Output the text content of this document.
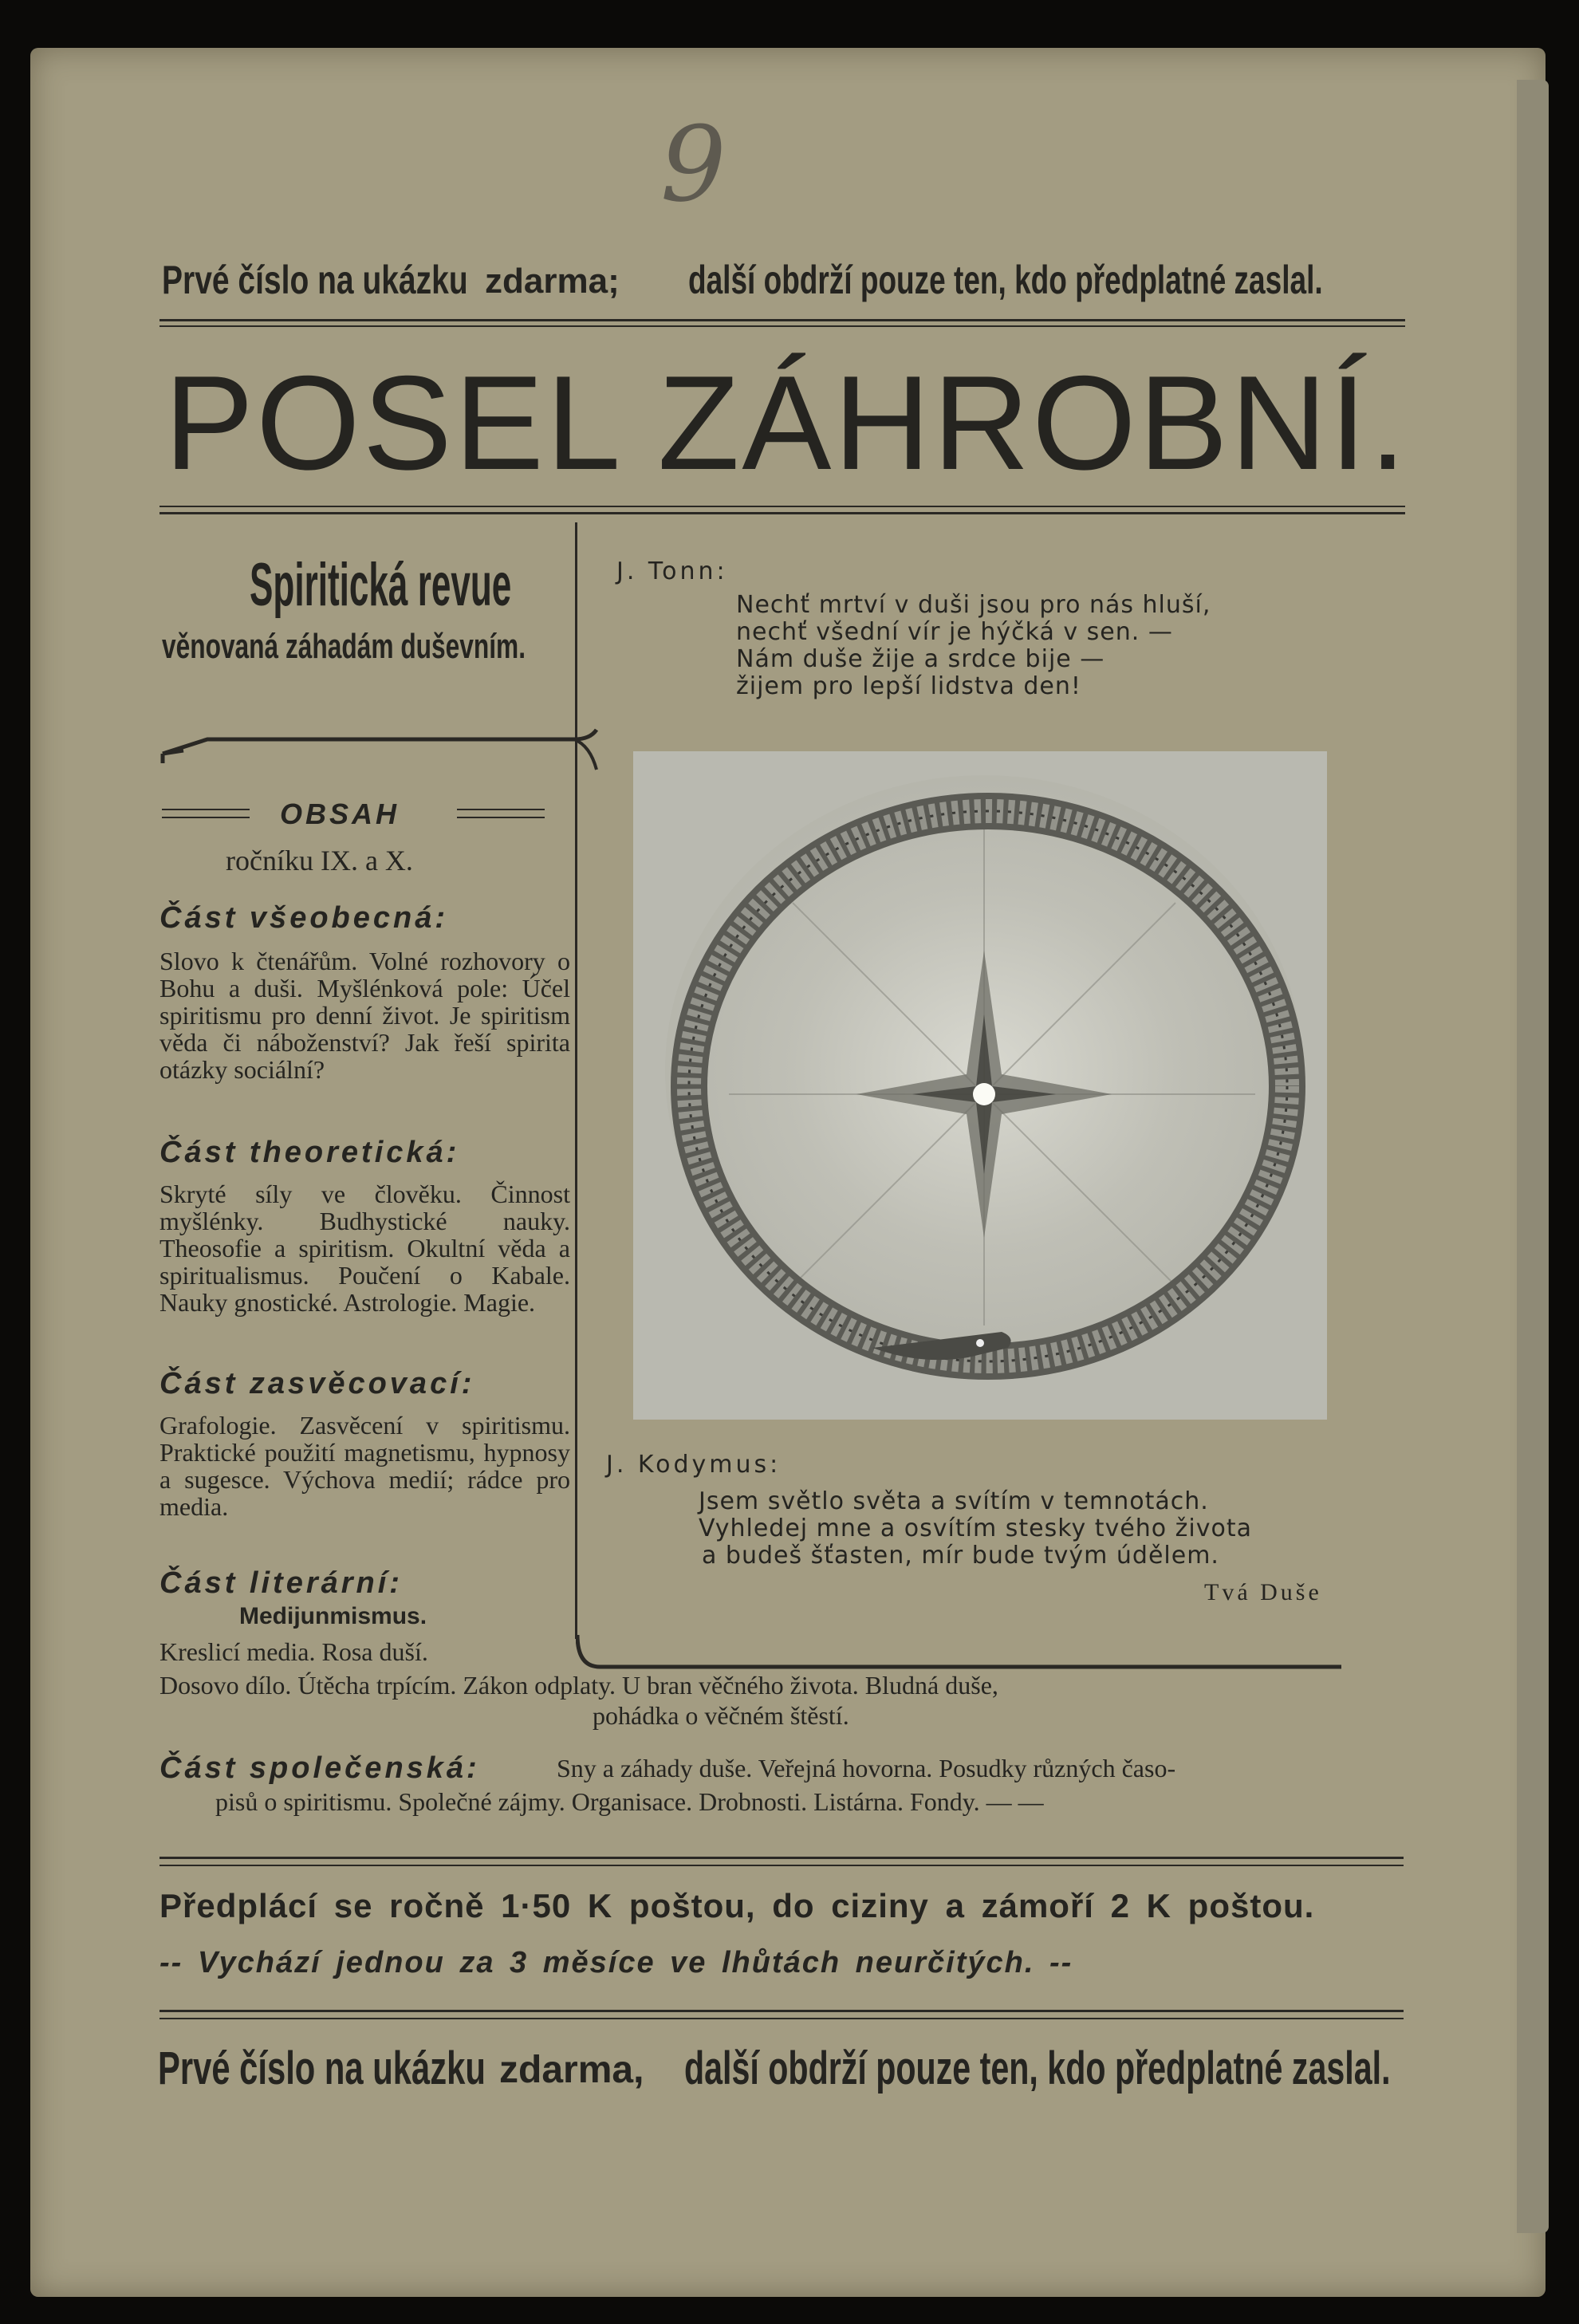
9
Prvé číslo na ukázku zdarma; další obdrží pouze ten, kdo předplatné zaslal.
POSEL ZÁHROBNÍ.
Spiritická revue
věnovaná záhadám duševním.
OBSAH
ročníku IX. a X.
Část všeobecná:
Slovo k čtenářům. Volné rozhovory o Bohu a duši. Myšlénková pole: Účel spiritismu pro denní život. Je spiritism věda či náboženství? Jak řeší spirita otázky sociální?
Část theoretická:
Skryté síly ve člověku. Činnost myšlénky. Budhystické nauky. Theosofie a spiritism. Okultní věda a spiritualismus. Poučení o Kabale. Nauky gnostické. Astrologie. Magie.
Část zasvěcovací:
Grafologie. Zasvěcení v spiritismu. Praktické použití magnetismu, hypnosy a sugesce. Výchova medií; rádce pro media.
Část literární:
Medijunmismus.
Kreslicí media. Rosa duší.
Dosovo dílo. Útěcha trpícím. Zákon odplaty. U bran věčného života. Bludná duše,
pohádka o věčném štěstí.
Část společenská:	Sny a záhady duše. Veřejná hovorna. Posudky různých časo-
pisů o spiritismu. Společné zájmy. Organisace. Drobnosti. Listárna. Fondy. — —
J. Tonn:
Nechť mrtví v duši jsou pro nás hluší,
nechť všední vír je hýčká v sen. —
Nám duše žije a srdce bije —
žijem pro lepší lidstva den!
J. Kodymus:
Jsem světlo světa a svítím v temnotách.
Vyhledej mne a osvítím stesky tvého života
a budeš šťasten, mír bude tvým údělem.
Tvá Duše
Předplácí se ročně 1·50 K poštou, do ciziny a zámoří 2 K poštou.
-- Vychází jednou za 3 měsíce ve lhůtách neurčitých. --
Prvé číslo na ukázku zdarma, další obdrží pouze ten, kdo předplatné zaslal.
